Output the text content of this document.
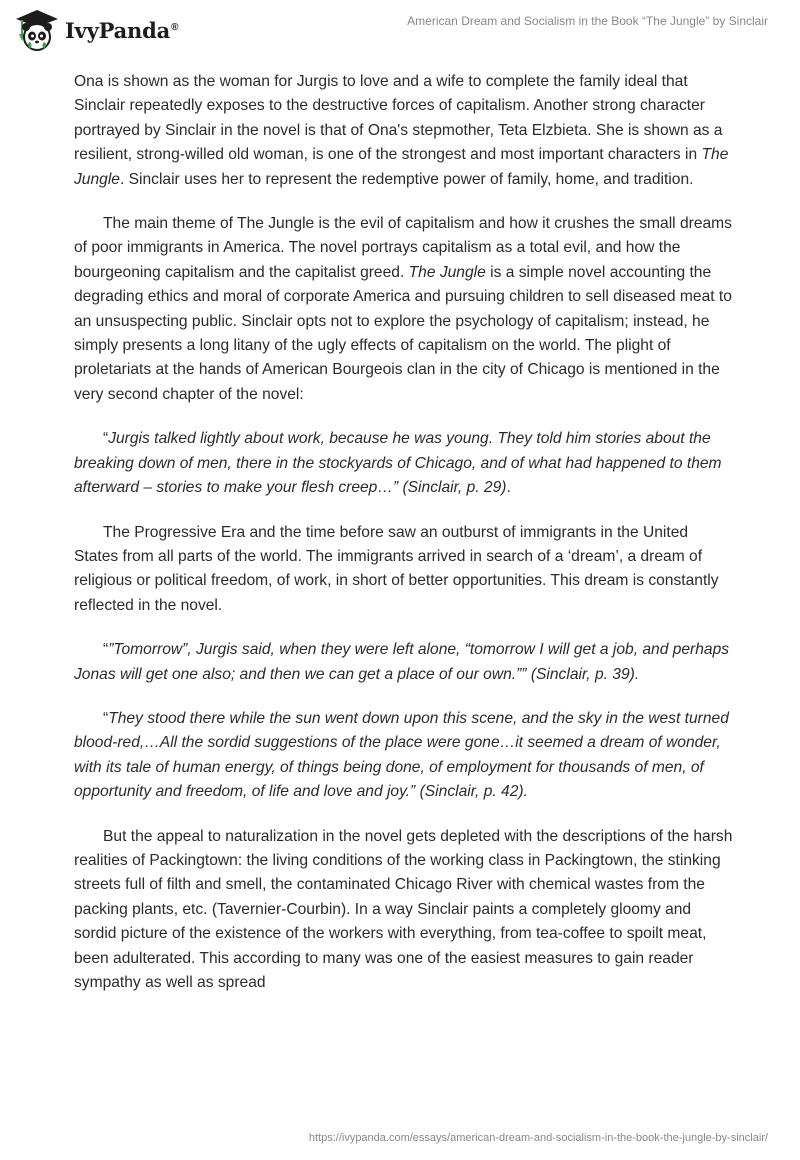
IvyPanda®	American Dream and Socialism in the Book “The Jungle” by Sinclair

Ona is shown as the woman for Jurgis to love and a wife to complete the family ideal that Sinclair repeatedly exposes to the destructive forces of capitalism. Another strong character portrayed by Sinclair in the novel is that of Ona's stepmother, Teta Elzbieta. She is shown as a resilient, strong-willed old woman, is one of the strongest and most important characters in The Jungle. Sinclair uses her to represent the redemptive power of family, home, and tradition.

The main theme of The Jungle is the evil of capitalism and how it crushes the small dreams of poor immigrants in America. The novel portrays capitalism as a total evil, and how the bourgeoning capitalism and the capitalist greed. The Jungle is a simple novel accounting the degrading ethics and moral of corporate America and pursuing children to sell diseased meat to an unsuspecting public. Sinclair opts not to explore the psychology of capitalism; instead, he simply presents a long litany of the ugly effects of capitalism on the world. The plight of proletariats at the hands of American Bourgeois clan in the city of Chicago is mentioned in the very second chapter of the novel:

“Jurgis talked lightly about work, because he was young. They told him stories about the breaking down of men, there in the stockyards of Chicago, and of what had happened to them afterward – stories to make your flesh creep…” (Sinclair, p. 29).

The Progressive Era and the time before saw an outburst of immigrants in the United States from all parts of the world. The immigrants arrived in search of a ‘dream’, a dream of religious or political freedom, of work, in short of better opportunities. This dream is constantly reflected in the novel.

“”Tomorrow”, Jurgis said, when they were left alone, “tomorrow I will get a job, and perhaps Jonas will get one also; and then we can get a place of our own.”” (Sinclair, p. 39).

“They stood there while the sun went down upon this scene, and the sky in the west turned blood-red,…All the sordid suggestions of the place were gone…it seemed a dream of wonder, with its tale of human energy, of things being done, of employment for thousands of men, of opportunity and freedom, of life and love and joy.” (Sinclair, p. 42).

But the appeal to naturalization in the novel gets depleted with the descriptions of the harsh realities of Packingtown: the living conditions of the working class in Packingtown, the stinking streets full of filth and smell, the contaminated Chicago River with chemical wastes from the packing plants, etc. (Tavernier-Courbin). In a way Sinclair paints a completely gloomy and sordid picture of the existence of the workers with everything, from tea-coffee to spoilt meat, been adulterated. This according to many was one of the easiest measures to gain reader sympathy as well as spread

https://ivypanda.com/essays/american-dream-and-socialism-in-the-book-the-jungle-by-sinclair/
